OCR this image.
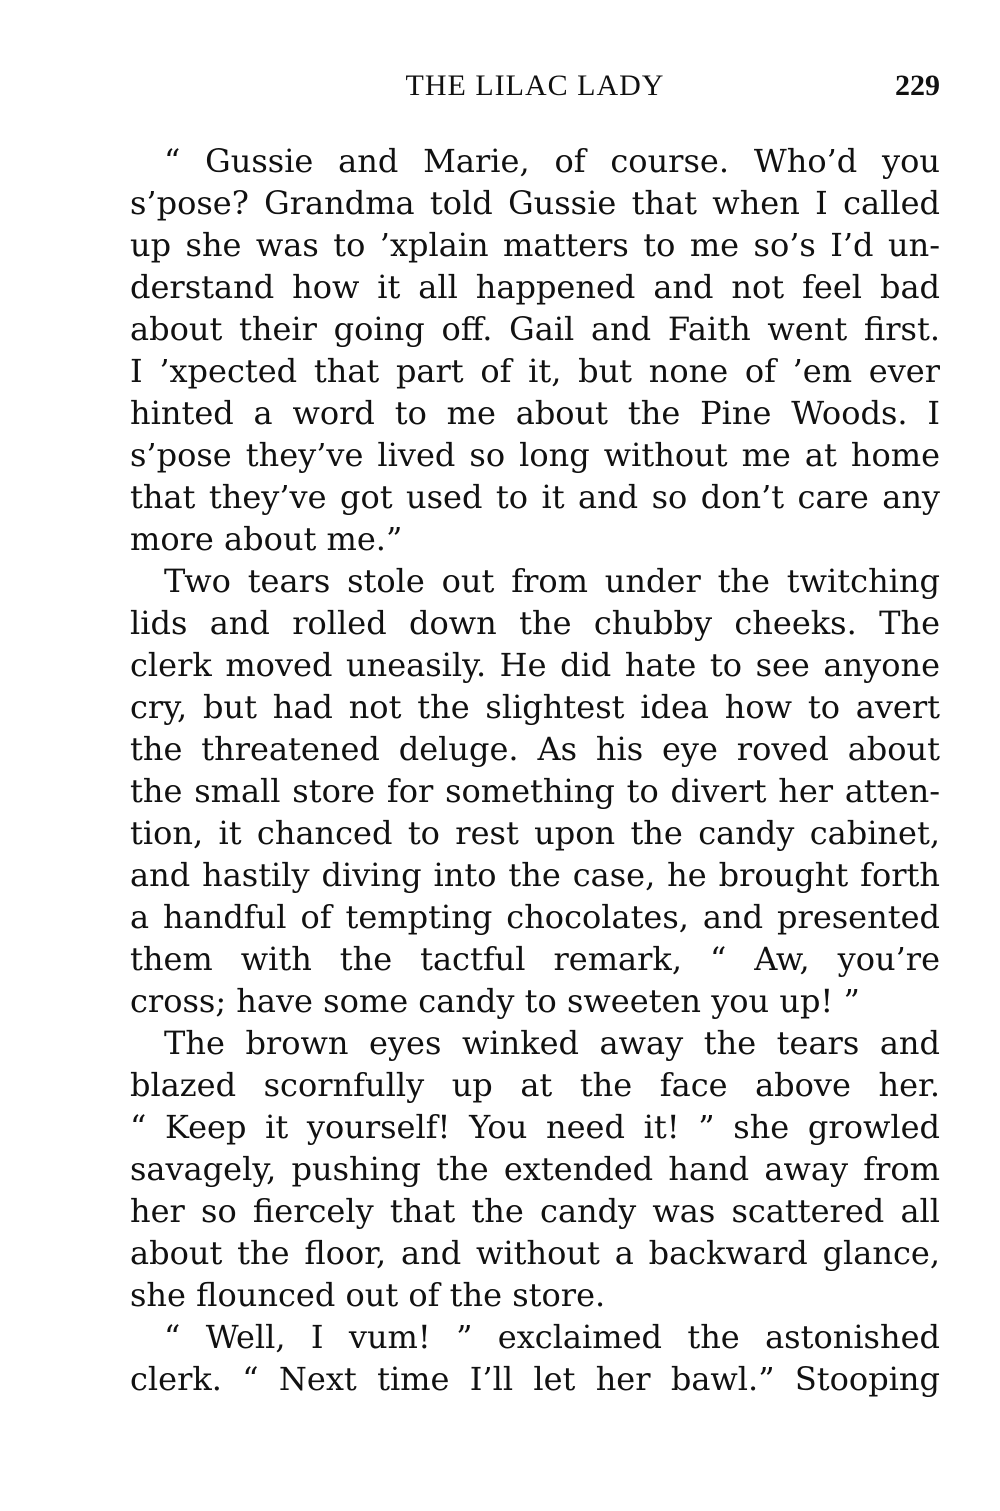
THE LILAC LADY	229
“ Gussie and Marie, of course. Who’d you
s’pose? Grandma told Gussie that when I called
up she was to ’xplain matters to me so’s I’d un-
derstand how it all happened and not feel bad
about their going off. Gail and Faith went first.
I ’xpected that part of it, but none of ’em ever
hinted a word to me about the Pine Woods. I
s’pose they’ve lived so long without me at home
that they’ve got used to it and so don’t care any
more about me.”
Two tears stole out from under the twitching
lids and rolled down the chubby cheeks. The
clerk moved uneasily. He did hate to see anyone
cry, but had not the slightest idea how to avert
the threatened deluge. As his eye roved about
the small store for something to divert her atten-
tion, it chanced to rest upon the candy cabinet,
and hastily diving into the case, he brought forth
a handful of tempting chocolates, and presented
them with the tactful remark, “ Aw, you’re
cross; have some candy to sweeten you up! ”
The brown eyes winked away the tears and
blazed scornfully up at the face above her.
“ Keep it yourself! You need it! ” she growled
savagely, pushing the extended hand away from
her so fiercely that the candy was scattered all
about the floor, and without a backward glance,
she flounced out of the store.
“ Well, I vum! ” exclaimed the astonished
clerk. “ Next time I’ll let her bawl.” Stooping
